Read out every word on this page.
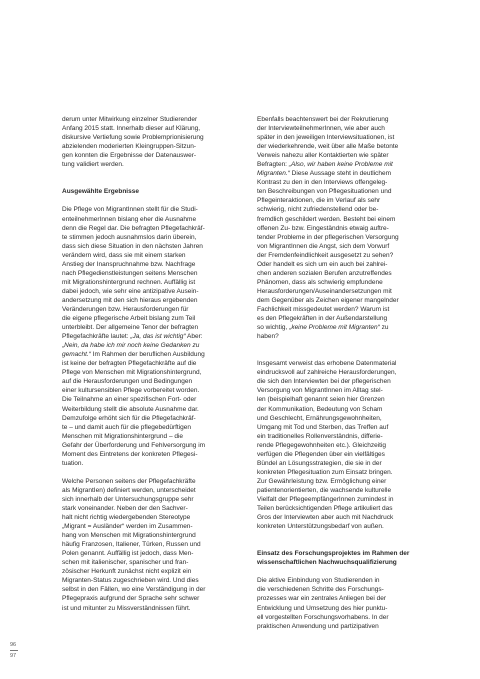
derum unter Mitwirkung einzelner Studierender

Anfang 2015 statt. Innerhalb dieser auf Klärung,

diskursive Vertiefung sowie Problemprionisierung

abzielenden moderierten Kleingruppen-Sitzun-

gen konnten die Ergebnisse der Datenauswer-

tung validiert werden.

Ausgewählte Ergebnisse

Die Pflege von MigrantInnen stellt für die Studi-

enteilnehmerInnen bislang eher die Ausnahme

denn die Regel dar. Die befragten Pflegefachkräf-

te stimmen jedoch ausnahmslos darin überein,

dass sich diese Situation in den nächsten Jahren

verändern wird, dass sie mit einem starken

Anstieg der Inanspruchnahme bzw. Nachfrage

nach Pflegedienstleistungen seitens Menschen

mit Migrationshintergrund rechnen. Auffällig ist

dabei jedoch, wie sehr eine antizipative Ausein-

andersetzung mit den sich hieraus ergebenden

Veränderungen bzw. Herausforderungen für

die eigene pflegerische Arbeit bislang zum Teil

unterbleibt. Der allgemeine Tenor der befragten

Pflegefachkräfte lautet: „Ja, das ist wichtig“ Aber:

„Nein, da habe ich mir noch keine Gedanken zu

gemacht.“ Im Rahmen der beruflichen Ausbildung

ist keine der befragten Pflegefachkräfte auf die

Pflege von Menschen mit Migrationshintergrund,

auf die Herausforderungen und Bedingungen

einer kultursensiblen Pflege vorbereitet worden.

Die Teilnahme an einer spezifischen Fort- oder

Weiterbildung stellt die absolute Ausnahme dar.

Demzufolge erhöht sich für die Pflegefachkräf-

te – und damit auch für die pflegebedürftigen

Menschen mit Migrationshintergrund – die

Gefahr der Überforderung und Fehlversorgung im

Moment des Eintretens der konkreten Pflegesi-

tuation.

Welche Personen seitens der Pflegefachkräfte

als MigrantIen) definiert werden, unterscheidet

sich innerhalb der Untersuchungsgruppe sehr

stark voneinander. Neben der den Sachver-

halt nicht richtig wiedergebenden Stereotype

„Migrant = Ausländer“ werden im Zusammen-

hang von Menschen mit Migrationshintergrund

häufig Franzosen, Italiener, Türken, Russen und

Polen genannt. Auffällig ist jedoch, dass Men-

schen mit italienischer, spanischer und fran-

zösischer Herkunft zunächst nicht explizit ein

Migranten-Status zugeschrieben wird. Und dies

selbst in den Fällen, wo eine Verständigung in der

Pflegepraxis aufgrund der Sprache sehr schwer

ist und mitunter zu Missverständnissen führt.

Ebenfalls beachtenswert bei der Rekrutierung

der InterviewteilnehmerInnen, wie aber auch

später in den jeweiligen Interviewsituationen, ist

der wiederkehrende, weit über alle Maße betonte

Verweis nahezu aller Kontaktierten wie später

Befragten: „Also, wir haben keine Probleme mit

Migranten.“ Diese Aussage steht in deutlichem

Kontrast zu den in den Interviews offengeleg-

ten Beschreibungen von Pflegesituationen und

Pflegeinteraktionen, die im Verlauf als sehr

schwierig, nicht zufriedenstellend oder be-

fremdlich geschildert werden. Besteht bei einem

offenen Zu- bzw. Eingeständnis etwaig auftre-

tender Probleme in der pflegerischen Versorgung

von MigrantInnen die Angst, sich dem Vorwurf

der Fremdenfeindlichkeit ausgesetzt zu sehen?

Oder handelt es sich um ein auch bei zahlrei-

chen anderen sozialen Berufen anzutreffendes

Phänomen, dass als schwierig empfundene

Herausforderungen/Auseinandersetzungen mit

dem Gegenüber als Zeichen eigener mangelnder

Fachlichkeit missgedeutet werden? Warum ist

es den Pflegekräften in der Außendarstellung

so wichtig, „keine Probleme mit Migranten“ zu

haben?

Insgesamt verweist das erhobene Datenmaterial

eindrucksvoll auf zahlreiche Herausforderungen,

die sich den Interviewten bei der pflegerischen

Versorgung von MigrantInnen im Alltag stel-

len (beispielhaft genannt seien hier Grenzen

der Kommunikation, Bedeutung von Scham

und Geschlecht, Ernährungsgewohnheiten,

Umgang mit Tod und Sterben, das Treffen auf

ein traditionelles Rollenverständnis, differie-

rende Pflegegewohnheiten etc.). Gleichzeitig

verfügen die Pflegenden über ein vielfältiges

Bündel an Lösungsstrategien, die sie in der

konkreten Pflegesituation zum Einsatz bringen.

Zur Gewährleistung bzw. Ermöglichung einer

patientenorientierten, die wachsende kulturelle

Vielfalt der PflegeempfängerInnen zumindest in

Teilen berücksichtigenden Pflege artikuliert das

Gros der Interviewten aber auch mit Nachdruck

konkreten Unterstützungsbedarf von außen.

Einsatz des Forschungsprojektes im Rahmen der
wissenschaftlichen Nachwuchsqualifizierung

Die aktive Einbindung von Studierenden in

die verschiedenen Schritte des Forschungs-

prozesses war ein zentrales Anliegen bei der

Entwicklung und Umsetzung des hier punktu-

ell vorgestellten Forschungsvorhabens. In der

praktischen Anwendung und partizipativen

96
97
